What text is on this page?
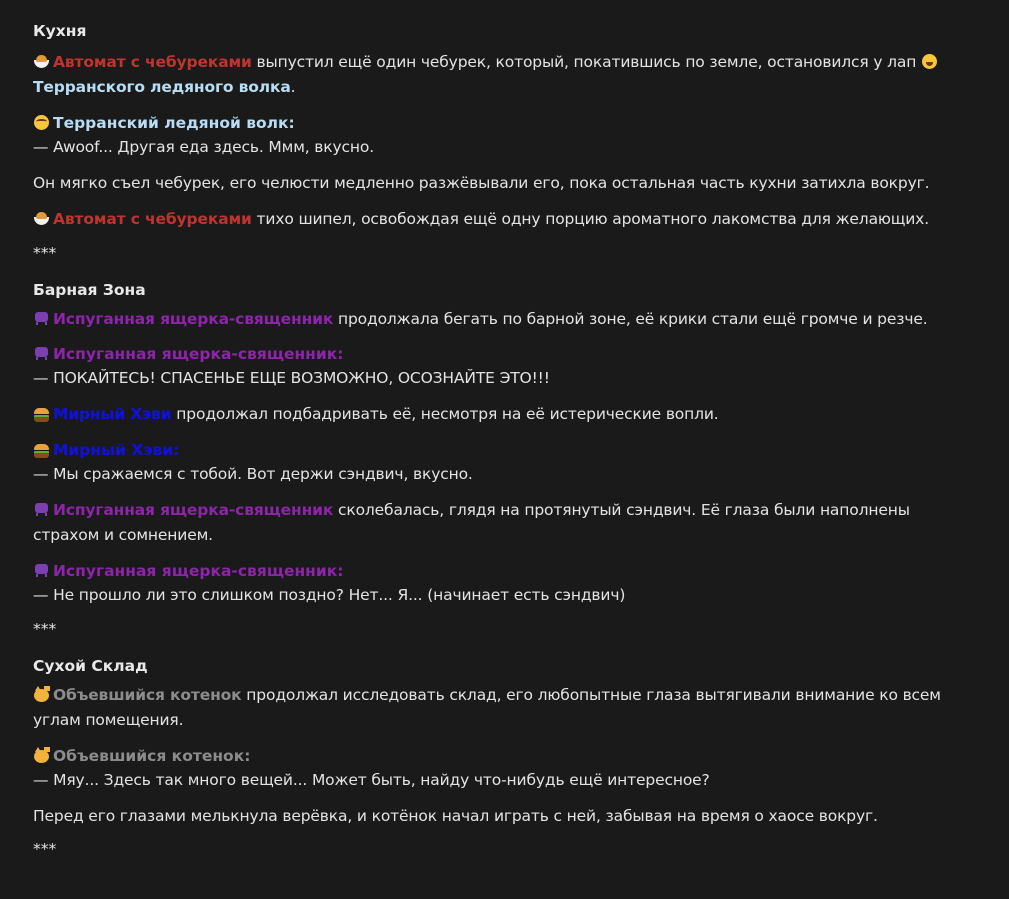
Кухня

Автомат с чебуреками выпустил ещё один чебурек, который, покатившись по земле, остановился у лап

Терранского ледяного волка.

Терранский ледяной волк:

— Awoof... Другая еда здесь. Ммм, вкусно.

Он мягко съел чебурек, его челюсти медленно разжёвывали его, пока остальная часть кухни затихла вокруг.

Автомат с чебуреками тихо шипел, освобождая ещё одну порцию ароматного лакомства для желающих.

***

Барная Зона

Испуганная ящерка-священник продолжала бегать по барной зоне, её крики стали ещё громче и резче.

Испуганная ящерка-священник:

— ПОКАЙТЕСЬ! СПАСЕНЬЕ ЕЩЕ ВОЗМОЖНО, ОСОЗНАЙТЕ ЭТО!!!

Мирный Хэви продолжал подбадривать её, несмотря на её истерические вопли.

Мирный Хэви:

— Мы сражаемся с тобой. Вот держи сэндвич, вкусно.

Испуганная ящерка-священник сколебалась, глядя на протянутый сэндвич. Её глаза были наполнены

страхом и сомнением.

Испуганная ящерка-священник:

— Не прошло ли это слишком поздно? Нет... Я... (начинает есть сэндвич)

***

Сухой Склад

Объевшийся котенок продолжал исследовать склад, его любопытные глаза вытягивали внимание ко всем

углам помещения.

Объевшийся котенок:

— Мяу... Здесь так много вещей... Может быть, найду что-нибудь ещё интересное?

Перед его глазами мелькнула верёвка, и котёнок начал играть с ней, забывая на время о хаосе вокруг.

***
